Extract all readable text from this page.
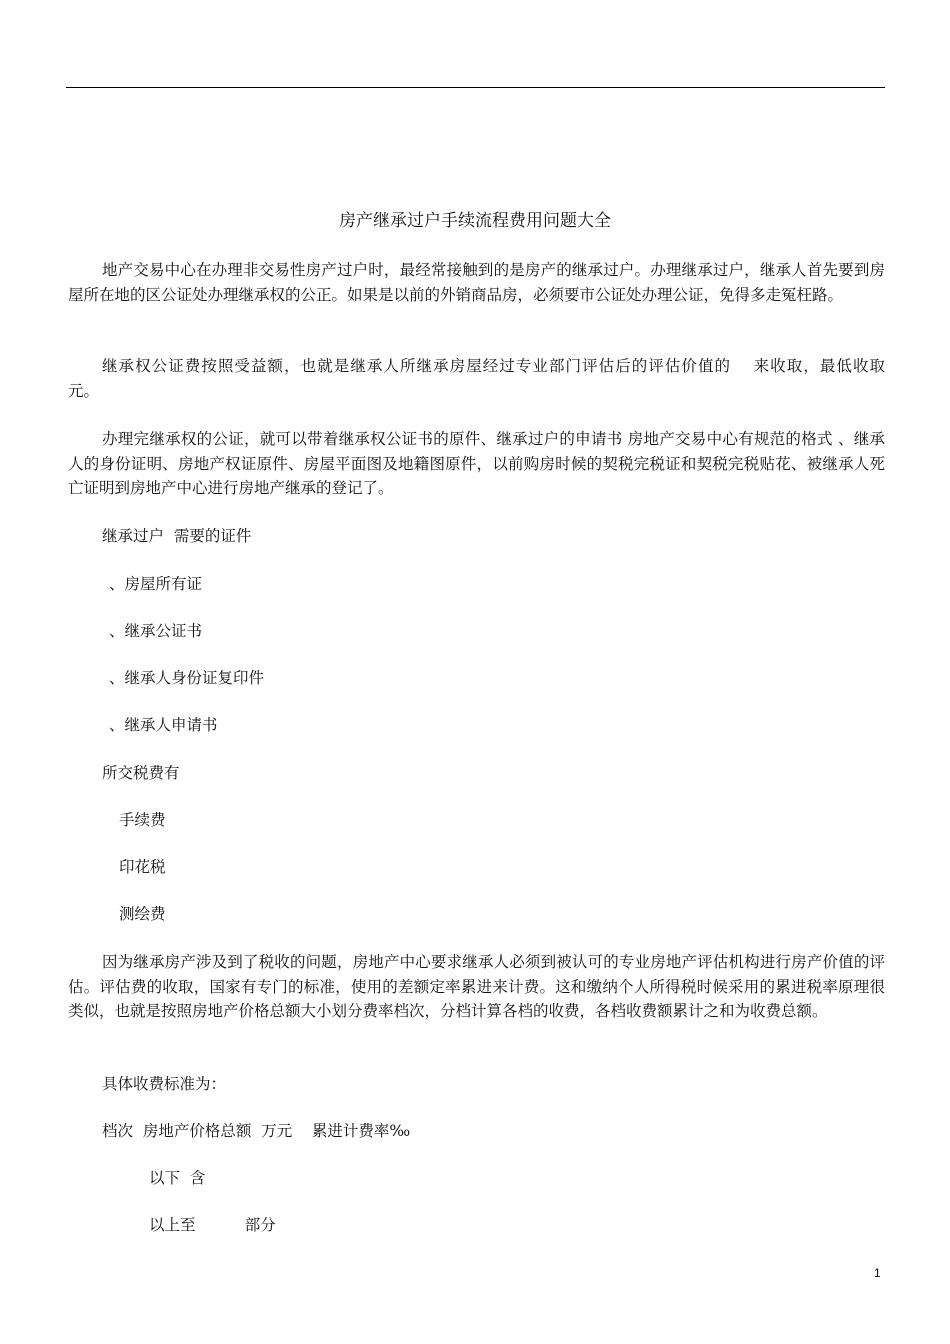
房产继承过户手续流程费用问题大全

地产交易中心在办理非交易性房产过户时，最经常接触到的是房产的继承过户。办理继承过户，继承人首先要到房屋所在地的区公证处办理继承权的公正。如果是以前的外销商品房，必须要市公证处办理公证，免得多走冤枉路。

继承权公证费按照受益额，也就是继承人所继承房屋经过专业部门评估后的评估价值的　 来收取，最低收取　　元。

办理完继承权的公证，就可以带着继承权公证书的原件、继承过户的申请书 房地产交易中心有规范的格式 、继承人的身份证明、房地产权证原件、房屋平面图及地籍图原件，以前购房时候的契税完税证和契税完税贴花、被继承人死亡证明到房地产中心进行房地产继承的登记了。

继承过户  需要的证件
、房屋所有证
、继承公证书
、继承人身份证复印件
、继承人申请书
所交税费有
手续费
印花税
测绘费

因为继承房产涉及到了税收的问题，房地产中心要求继承人必须到被认可的专业房地产评估机构进行房产价值的评估。评估费的收取，国家有专门的标准，使用的差额定率累进来计费。这和缴纳个人所得税时候采用的累进税率原理很类似，也就是按照房地产价格总额大小划分费率档次，分档计算各档的收费，各档收费额累计之和为收费总额。

具体收费标准为：
档次  房地产价格总额  万元    累进计费率‰
以下  含
以上至          部分
1
